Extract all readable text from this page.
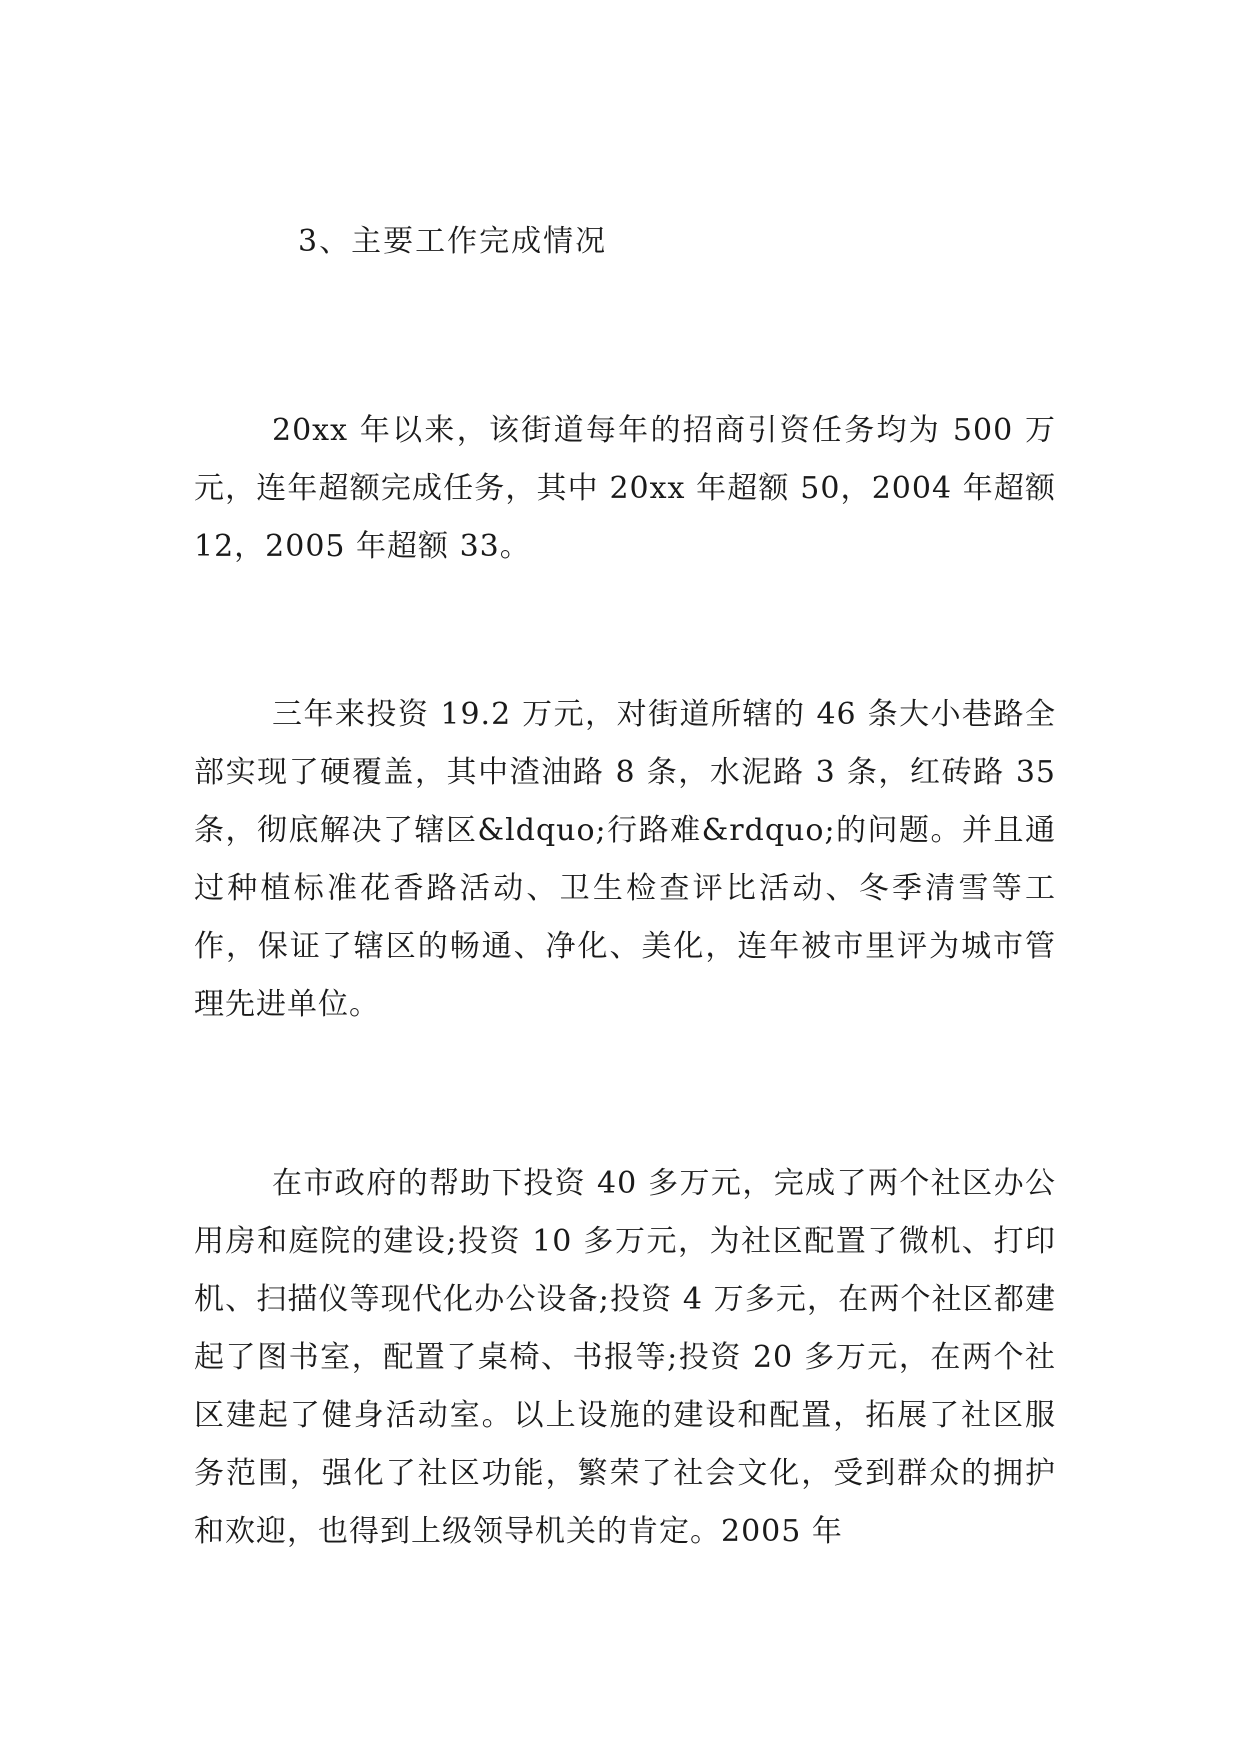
3、主要工作完成情况

20xx 年以来，该街道每年的招商引资任务均为 500 万元，连年超额完成任务，其中 20xx 年超额 50，2004 年超额 12，2005 年超额 33。

三年来投资 19.2 万元，对街道所辖的 46 条大小巷路全部实现了硬覆盖，其中渣油路 8 条，水泥路 3 条，红砖路 35 条，彻底解决了辖区&ldquo;行路难&rdquo;的问题。并且通过种植标准花香路活动、卫生检查评比活动、冬季清雪等工作，保证了辖区的畅通、净化、美化，连年被市里评为城市管理先进单位。

在市政府的帮助下投资 40 多万元，完成了两个社区办公用房和庭院的建设;投资 10 多万元，为社区配置了微机、打印机、扫描仪等现代化办公设备;投资 4 万多元，在两个社区都建起了图书室，配置了桌椅、书报等;投资 20 多万元，在两个社区建起了健身活动室。以上设施的建设和配置，拓展了社区服务范围，强化了社区功能，繁荣了社会文化，受到群众的拥护和欢迎，也得到上级领导机关的肯定。2005 年
